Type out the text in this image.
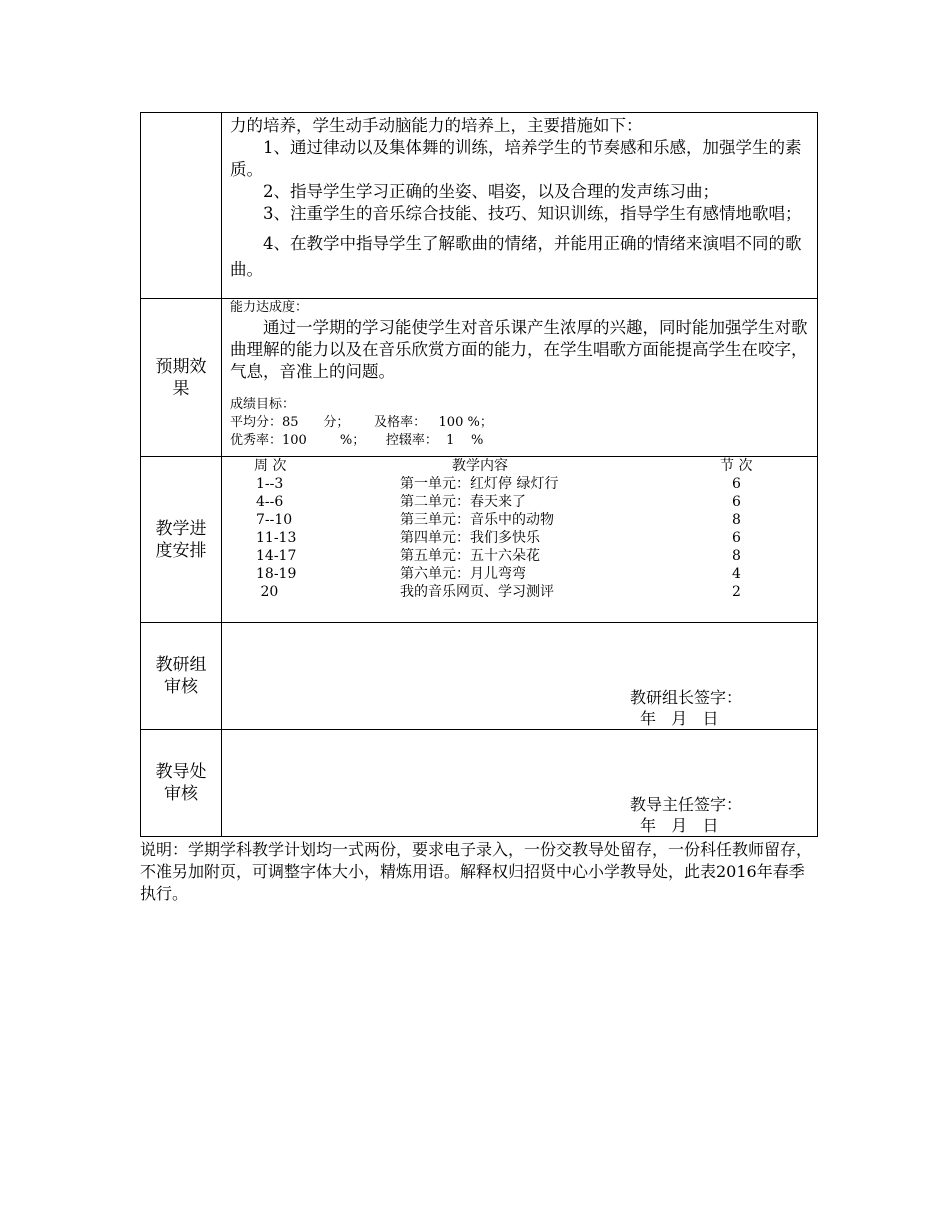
力的培养，学生动手动脑能力的培养上，主要措施如下：

1、通过律动以及集体舞的训练，培养学生的节奏感和乐感，加强学生的素质。

2、指导学生学习正确的坐姿、唱姿，以及合理的发声练习曲；

3、注重学生的音乐综合技能、技巧、知识训练，指导学生有感情地歌唱；

4、在教学中指导学生了解歌曲的情绪，并能用正确的情绪来演唱不同的歌曲。

预期效果	
能力达成度：
通过一学期的学习能使学生对音乐课产生浓厚的兴趣，同时能加强学生对歌曲理解的能力以及在音乐欣赏方面的能力，在学生唱歌方面能提高学生在咬字，气息，音准上的问题。
成绩目标：
平均分：85      分；      及格率：   100 %；
优秀率：100        %；     控辍率：  1    %

教学进度安排	
周 次	教学内容	节 次
1--3	第一单元：红灯停 绿灯行	6
4--6	第二单元：春天来了	6
7--10	第三单元：音乐中的动物	8
11-13	第四单元：我们多快乐	6
14-17	第五单元：五十六朵花	8
18-19	第六单元：月儿弯弯	4
20	我的音乐网页、学习测评	2

教研组审核	
教研组长签字：
年   月   日

教导处审核	
教导主任签字：
年   月   日
说明：学期学科教学计划均一式两份，要求电子录入，一份交教导处留存，一份科任教师留存，不准另加附页，可调整字体大小，精炼用语。解释权归招贤中心小学教导处，此表2016年春季执行。
